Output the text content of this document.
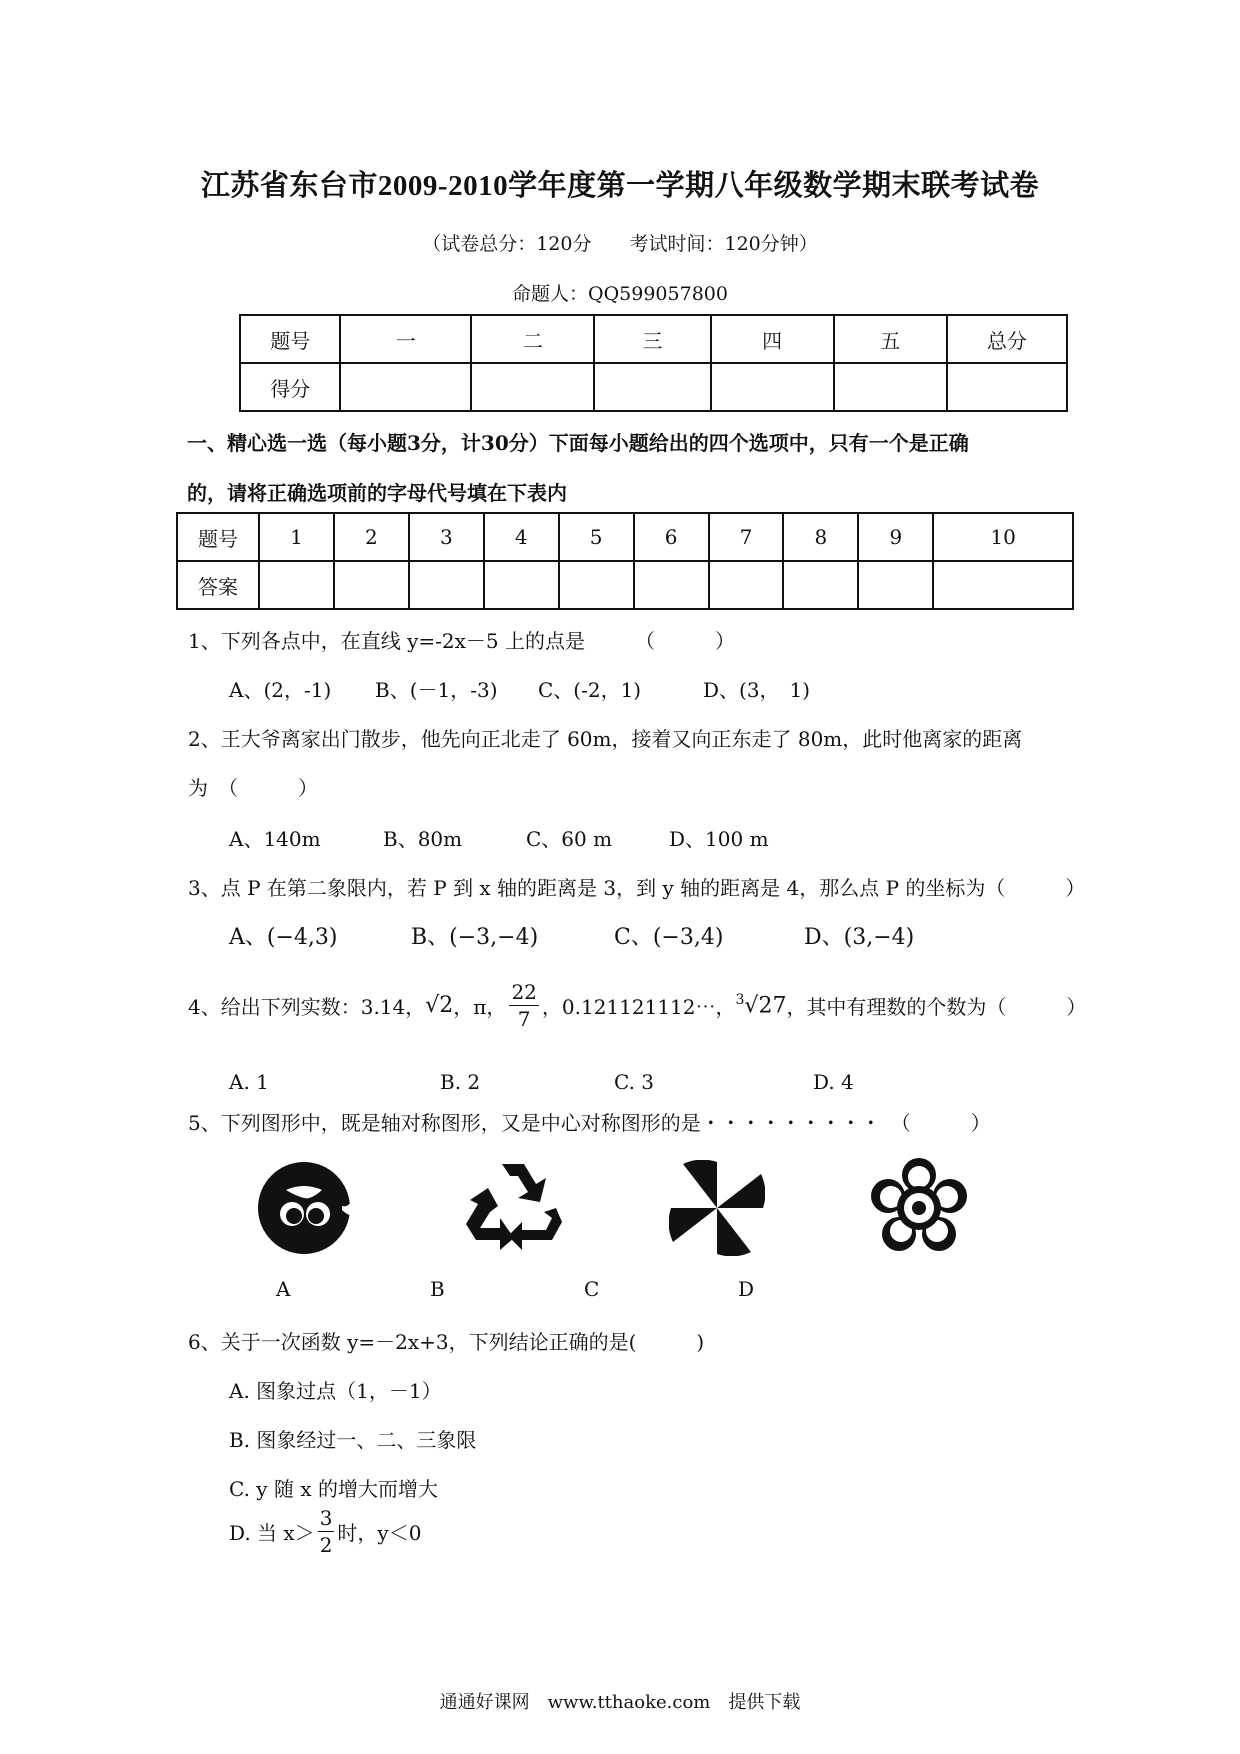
江苏省东台市2009-2010学年度第一学期八年级数学期末联考试卷
（试卷总分：120分　　考试时间：120分钟）
命题人：QQ599057800
题号	一	二	三	四	五	总分
得分						
一、精心选一选（每小题3分，计30分）下面每小题给出的四个选项中，只有一个是正确
的，请将正确选项前的字母代号填在下表内
题号	1	2	3	4	5	6	7	8	9	10
答案										
1、下列各点中，在直线 y=-2x－5 上的点是　　　（　　　）
A、(2，-1) B、(－1，-3) C、(-2，1)	D、(3，　1)
2、王大爷离家出门散步，他先向正北走了 60m，接着又向正东走了 80m，此时他离家的距离
为　（　　　）
A、140m	B、80m	C、60 m	D、100 m
3、点 P 在第二象限内，若 P 到 x 轴的距离是 3，到 y 轴的距离是 4，那么点 P 的坐标为（　　　）
A、(−4,3)	B、(−3,−4)	C、(−3,4)	D、(3,−4)
4、给出下列实数：3.14， √2 ，π， $\frac{22}{7}$ ，0.121121112⋯， $^3$√27 ，其中有理数的个数为（　　　）
A. 1	B. 2	C. 3	D. 4
5、下列图形中，既是轴对称图形，又是中心对称图形的是・・・・・・・・・　（　　　）
A	B	C	D
6、关于一次函数 y=－2x+3，下列结论正确的是(　　　)
A. 图象过点（1，－1）
B. 图象经过一、二、三象限
C. y 随 x 的增大而增大
D. 当 $x> \frac{3}{2}$ 时，y＜0
通通好课网　www.tthaoke.com　提供下载
